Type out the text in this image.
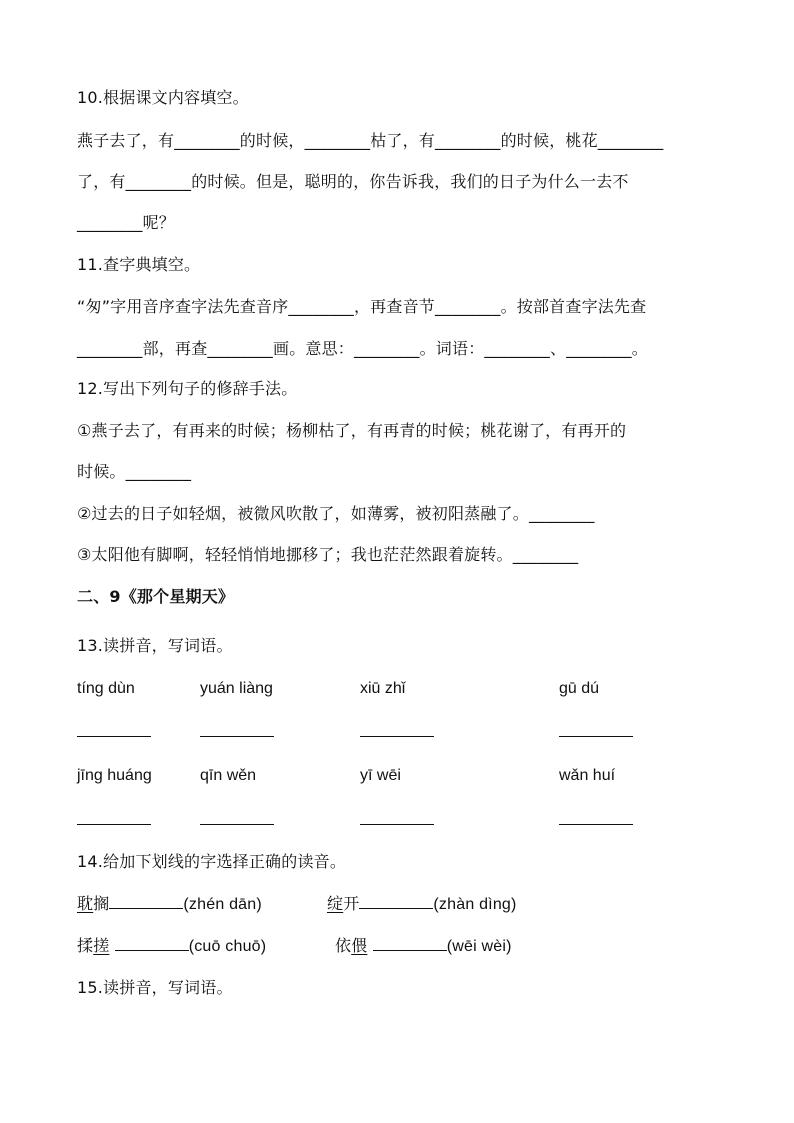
10.根据课文内容填空。
燕子去了，有________的时候，________枯了，有________的时候，桃花________
了，有________的时候。但是，聪明的，你告诉我，我们的日子为什么一去不
________呢？
11.查字典填空。
“匆”字用音序查字法先查音序________，再查音节________。按部首查字法先查
________部，再查________画。意思：________。词语：________、________。
12.写出下列句子的修辞手法。
①燕子去了，有再来的时候；杨柳枯了，有再青的时候；桃花谢了，有再开的
时候。________
②过去的日子如轻烟，被微风吹散了，如薄雾，被初阳蒸融了。________
③太阳他有脚啊，轻轻悄悄地挪移了；我也茫茫然跟着旋转。________
二、9《那个星期天》
13.读拼音，写词语。
tíng dùn	yuán liàng	xiū zhǐ	gū dú
jīng huáng	qīn wěn	yī wēi	wǎn huí
14.给加下划线的字选择正确的读音。
耽搁	(zhén dān)	绽开	(zhàn dìng)
揉搓	(cuō chuō)	依偎	(wēi wèi)
15.读拼音，写词语。
